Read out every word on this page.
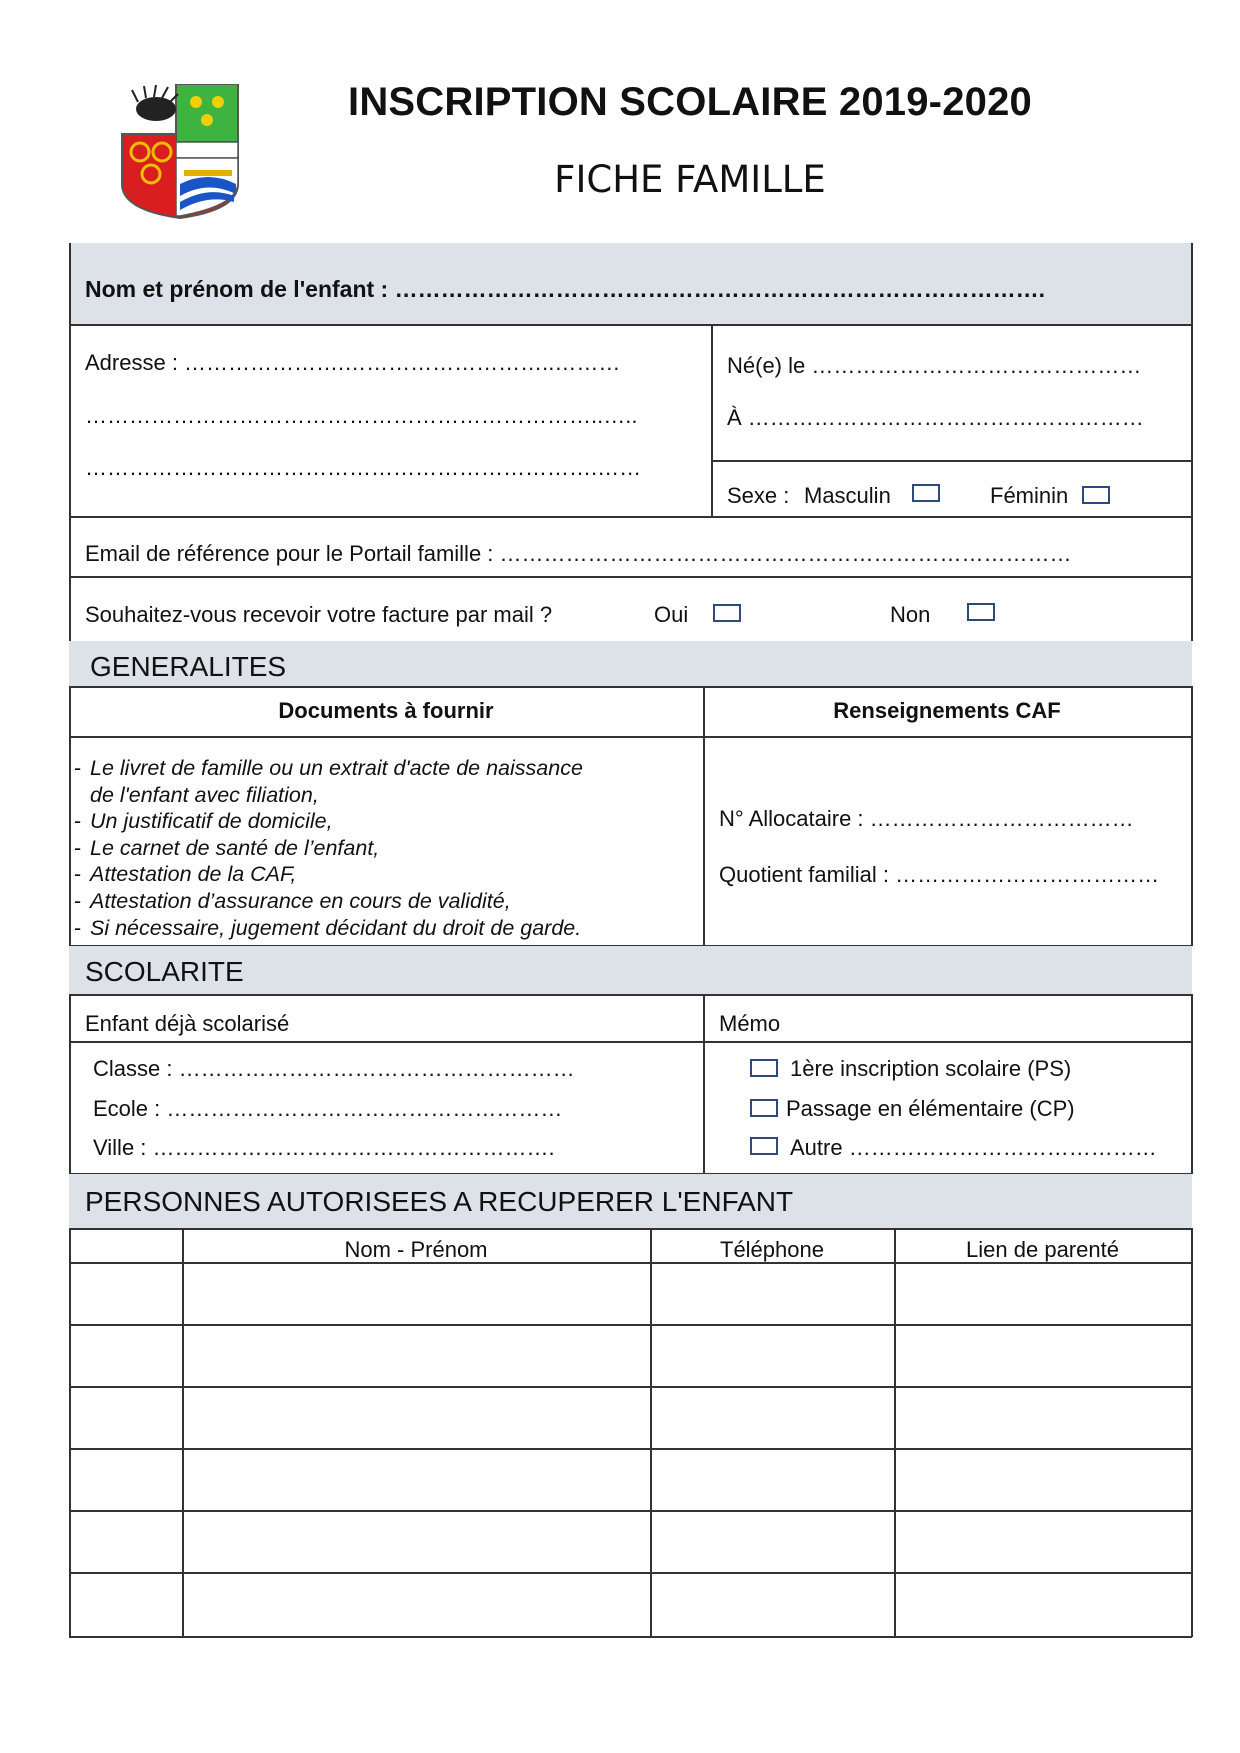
INSCRIPTION SCOLAIRE 2019-2020
FICHE FAMILLE
Nom et prénom de l'enfant : ………………………………………………………………………….
Adresse : ………………….………………………..………
……………………………………………………………..…..
…………………………………………………………….……
Né(e) le ………………………………………
À ………………………………………………
Sexe : Masculin	Féminin
Email de référence pour le Portail famille : ……………………………………………………………………
Souhaitez-vous recevoir votre facture par mail ?	Oui	Non
GENERALITES
Documents à fournir	Renseignements CAF
- Le livret de famille ou un extrait d'acte de naissance
de l'enfant avec filiation,
- Un justificatif de domicile,
- Le carnet de santé de l’enfant,
- Attestation de la CAF,
- Attestation d’assurance en cours de validité,
- Si nécessaire, jugement décidant du droit de garde.
N° Allocataire : ………………………………
Quotient familial : ………………………………
SCOLARITE
Enfant déjà scolarisé	Mémo
Classe : ………………………………………………
Ecole : ………………………………………………
Ville : ……………………………………………….
1ère inscription scolaire (PS)
Passage en élémentaire (CP)
Autre ……………………………………
PERSONNES AUTORISEES A RECUPERER L'ENFANT
Nom - Prénom	Téléphone	Lien de parenté
